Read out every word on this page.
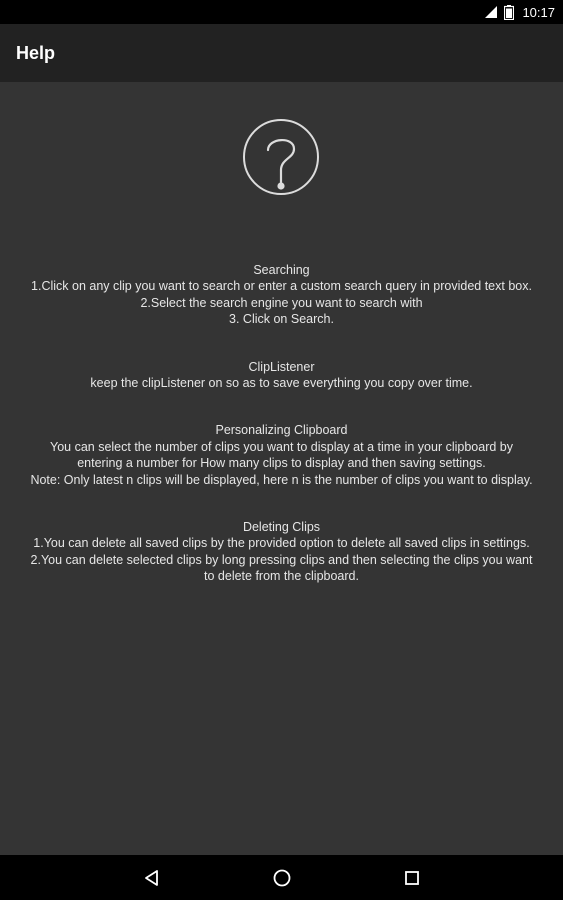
10:17
Help
Searching
1.Click on any clip you want to search or enter a custom search query in provided text box.
2.Select the search engine you want to search with
3. Click on Search.
ClipListener
keep the clipListener on so as to save everything you copy over time.
Personalizing Clipboard
You can select the number of clips you want to display at a time in your clipboard by entering a number for How many clips to display and then saving settings.
Note: Only latest n clips will be displayed, here n is the number of clips you want to display.
Deleting Clips
1.You can delete all saved clips by the provided option to delete all saved clips in settings.
2.You can delete selected clips by long pressing clips and then selecting the clips you want to delete from the clipboard.
